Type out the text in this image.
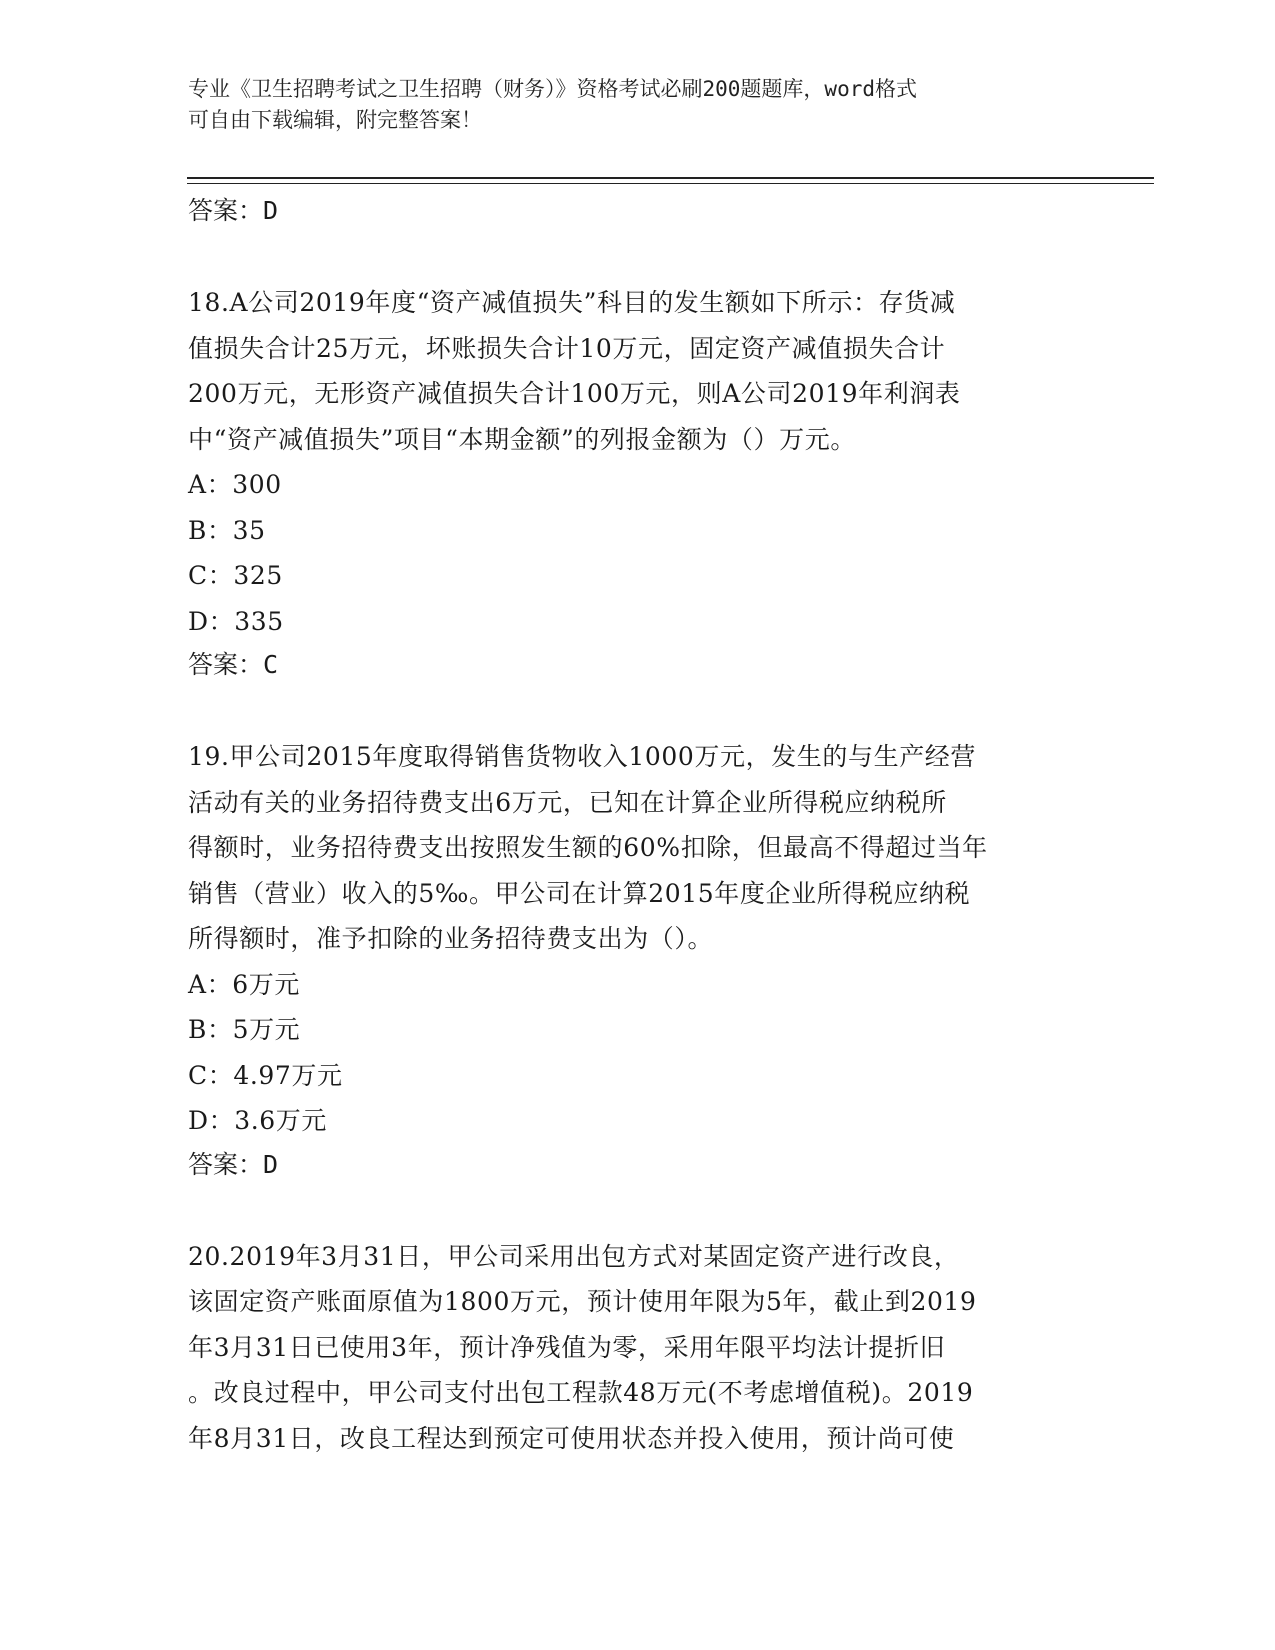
专业《卫生招聘考试之卫生招聘（财务）》资格考试必刷200题题库，word格式
可自由下载编辑，附完整答案！
答案：D
18.A公司2019年度“资产减值损失”科目的发生额如下所示：存货减
值损失合计25万元，坏账损失合计10万元，固定资产减值损失合计
200万元，无形资产减值损失合计100万元，则A公司2019年利润表
中“资产减值损失”项目“本期金额”的列报金额为（）万元。
A：300
B：35
C：325
D：335
答案：C
19.甲公司2015年度取得销售货物收入1000万元，发生的与生产经营
活动有关的业务招待费支出6万元，已知在计算企业所得税应纳税所
得额时，业务招待费支出按照发生额的60%扣除，但最高不得超过当年
销售（营业）收入的5‰。甲公司在计算2015年度企业所得税应纳税
所得额时，准予扣除的业务招待费支出为（）。
A：6万元
B：5万元
C：4.97万元
D：3.6万元
答案：D
20.2019年3月31日，甲公司采用出包方式对某固定资产进行改良，
该固定资产账面原值为1800万元，预计使用年限为5年，截止到2019
年3月31日已使用3年，预计净残值为零，采用年限平均法计提折旧
。改良过程中，甲公司支付出包工程款48万元(不考虑增值税)。2019
年8月31日，改良工程达到预定可使用状态并投入使用，预计尚可使
